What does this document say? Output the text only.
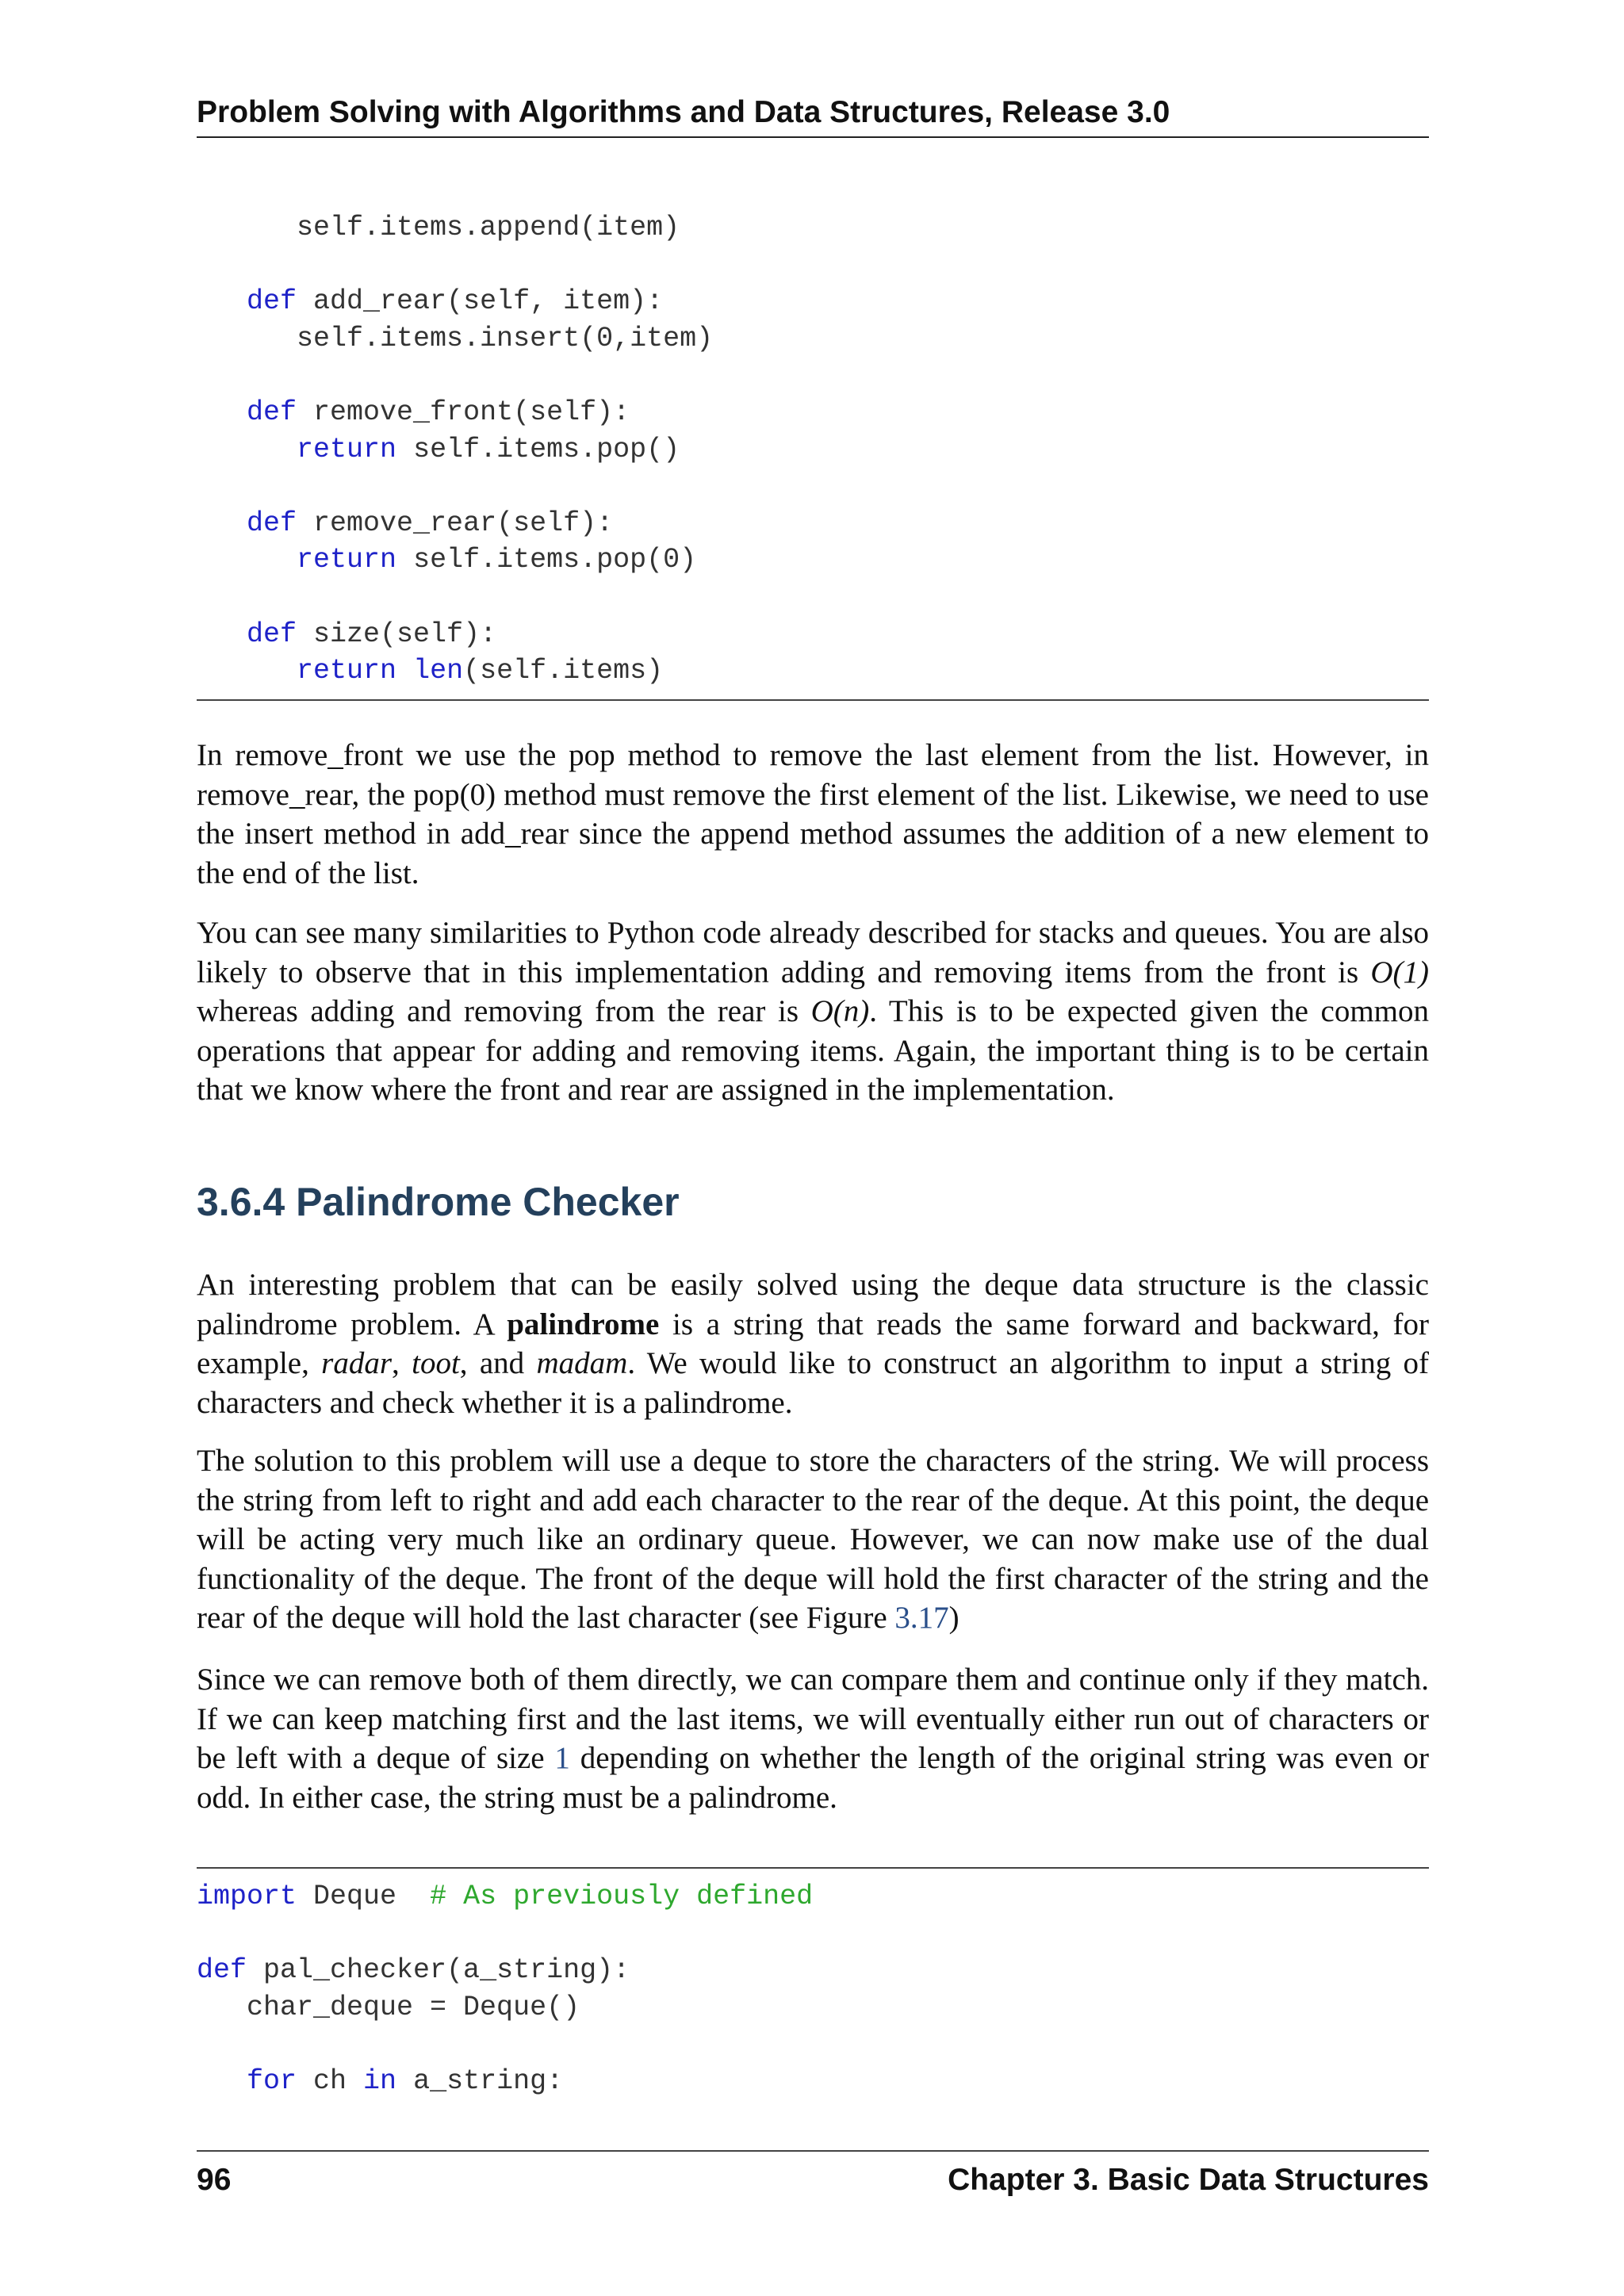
Problem Solving with Algorithms and Data Structures, Release 3.0
self.items.append(item)
def add_rear(self, item):
self.items.insert(0,item)
def remove_front(self):
return self.items.pop()
def remove_rear(self):
return self.items.pop(0)
def size(self):
return len(self.items)

In remove_front we use the pop method to remove the last element from the list. However, in remove_rear, the pop(0) method must remove the first element of the list. Likewise, we need to use the insert method in add_rear since the append method assumes the addition of a new element to the end of the list.

You can see many similarities to Python code already described for stacks and queues. You are also likely to observe that in this implementation adding and removing items from the front is O(1) whereas adding and removing from the rear is O(n). This is to be expected given the common operations that appear for adding and removing items. Again, the important thing is to be certain that we know where the front and rear are assigned in the implementation.

3.6.4 Palindrome Checker

An interesting problem that can be easily solved using the deque data structure is the classic palindrome problem. A palindrome is a string that reads the same forward and backward, for example, radar, toot, and madam. We would like to construct an algorithm to input a string of characters and check whether it is a palindrome.

The solution to this problem will use a deque to store the characters of the string. We will process the string from left to right and add each character to the rear of the deque. At this point, the deque will be acting very much like an ordinary queue. However, we can now make use of the dual functionality of the deque. The front of the deque will hold the first character of the string and the rear of the deque will hold the last character (see Figure 3.17)

Since we can remove both of them directly, we can compare them and continue only if they match. If we can keep matching first and the last items, we will eventually either run out of characters or be left with a deque of size 1 depending on whether the length of the original string was even or odd. In either case, the string must be a palindrome.

import Deque  # As previously defined
def pal_checker(a_string):
char_deque = Deque()
for ch in a_string:
96	Chapter 3. Basic Data Structures
